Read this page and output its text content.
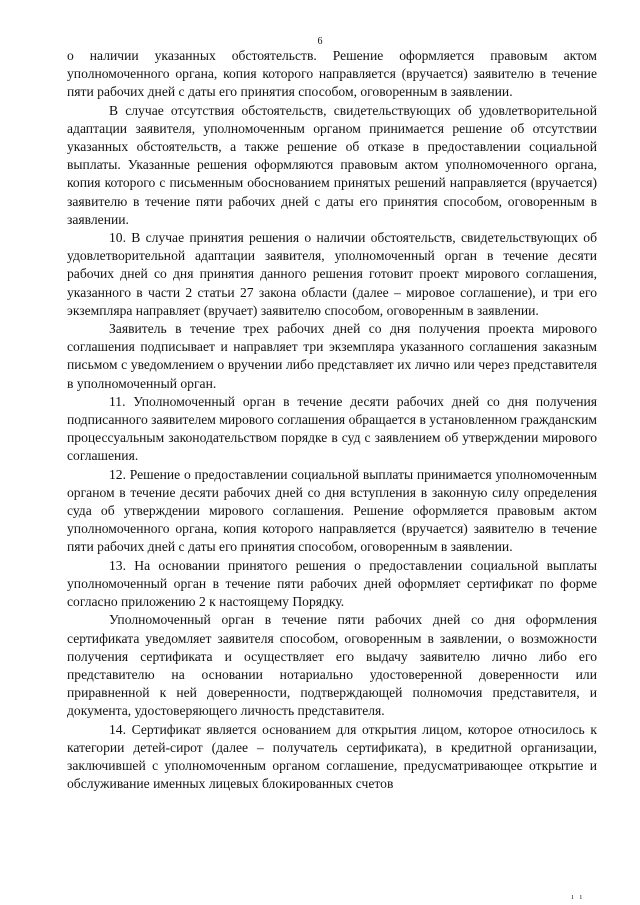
6

о наличии указанных обстоятельств. Решение оформляется правовым актом уполномоченного органа, копия которого направляется (вручается) заявителю в течение пяти рабочих дней с даты его принятия способом, оговоренным в заявлении.

В случае отсутствия обстоятельств, свидетельствующих об удовлетворительной адаптации заявителя, уполномоченным органом принимается решение об отсутствии указанных обстоятельств, а также решение об отказе в предоставлении социальной выплаты. Указанные решения оформляются правовым актом уполномоченного органа, копия которого с письменным обоснованием принятых решений направляется (вручается) заявителю в течение пяти рабочих дней с даты его принятия способом, оговоренным в заявлении.

10. В случае принятия решения о наличии обстоятельств, свидетельствующих об удовлетворительной адаптации заявителя, уполномоченный орган в течение десяти рабочих дней со дня принятия данного решения готовит проект мирового соглашения, указанного в части 2 статьи 27 закона области (далее – мировое соглашение), и три его экземпляра направляет (вручает) заявителю способом, оговоренным в заявлении.

Заявитель в течение трех рабочих дней со дня получения проекта мирового соглашения подписывает и направляет три экземпляра указанного соглашения заказным письмом с уведомлением о вручении либо представляет их лично или через представителя в уполномоченный орган.

11. Уполномоченный орган в течение десяти рабочих дней со дня получения подписанного заявителем мирового соглашения обращается в установленном гражданским процессуальным законодательством порядке в суд с заявлением об утверждении мирового соглашения.

12. Решение о предоставлении социальной выплаты принимается уполномоченным органом в течение десяти рабочих дней со дня вступления в законную силу определения суда об утверждении мирового соглашения. Решение оформляется правовым актом уполномоченного органа, копия которого направляется (вручается) заявителю в течение пяти рабочих дней с даты его принятия способом, оговоренным в заявлении.

13. На основании принятого решения о предоставлении социальной выплаты уполномоченный орган в течение пяти рабочих дней оформляет сертификат по форме согласно приложению 2 к настоящему Порядку.

Уполномоченный орган в течение пяти рабочих дней со дня оформления сертификата уведомляет заявителя способом, оговоренным в заявлении, о возможности получения сертификата и осуществляет его выдачу заявителю лично либо его представителю на основании нотариально удостоверенной доверенности или приравненной к ней доверенности, подтверждающей полномочия представителя, и документа, удостоверяющего личность представителя.

14. Сертификат является основанием для открытия лицом, которое относилось к категории детей-сирот (далее – получатель сертификата), в кредитной организации, заключившей с уполномоченным органом соглашение, предусматривающее открытие и обслуживание именных лицевых блокированных счетов

ı ı
